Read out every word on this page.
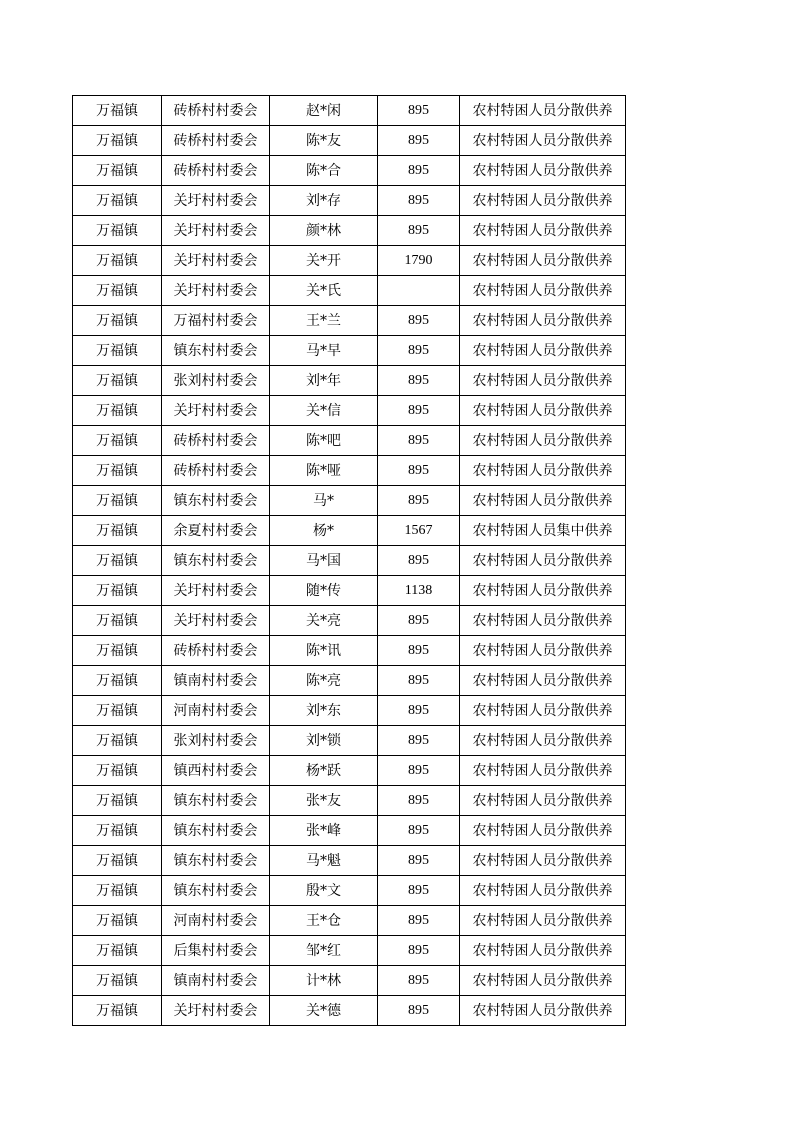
万福镇	砖桥村村委会	赵*闲	895	农村特困人员分散供养
万福镇	砖桥村村委会	陈*友	895	农村特困人员分散供养
万福镇	砖桥村村委会	陈*合	895	农村特困人员分散供养
万福镇	关圩村村委会	刘*存	895	农村特困人员分散供养
万福镇	关圩村村委会	颜*林	895	农村特困人员分散供养
万福镇	关圩村村委会	关*开	1790	农村特困人员分散供养
万福镇	关圩村村委会	关*氏		农村特困人员分散供养
万福镇	万福村村委会	王*兰	895	农村特困人员分散供养
万福镇	镇东村村委会	马*早	895	农村特困人员分散供养
万福镇	张刘村村委会	刘*年	895	农村特困人员分散供养
万福镇	关圩村村委会	关*信	895	农村特困人员分散供养
万福镇	砖桥村村委会	陈*吧	895	农村特困人员分散供养
万福镇	砖桥村村委会	陈*哑	895	农村特困人员分散供养
万福镇	镇东村村委会	马*	895	农村特困人员分散供养
万福镇	余夏村村委会	杨*	1567	农村特困人员集中供养
万福镇	镇东村村委会	马*国	895	农村特困人员分散供养
万福镇	关圩村村委会	随*传	1138	农村特困人员分散供养
万福镇	关圩村村委会	关*亮	895	农村特困人员分散供养
万福镇	砖桥村村委会	陈*讯	895	农村特困人员分散供养
万福镇	镇南村村委会	陈*亮	895	农村特困人员分散供养
万福镇	河南村村委会	刘*东	895	农村特困人员分散供养
万福镇	张刘村村委会	刘*锁	895	农村特困人员分散供养
万福镇	镇西村村委会	杨*跃	895	农村特困人员分散供养
万福镇	镇东村村委会	张*友	895	农村特困人员分散供养
万福镇	镇东村村委会	张*峰	895	农村特困人员分散供养
万福镇	镇东村村委会	马*魁	895	农村特困人员分散供养
万福镇	镇东村村委会	殷*文	895	农村特困人员分散供养
万福镇	河南村村委会	王*仓	895	农村特困人员分散供养
万福镇	后集村村委会	邹*红	895	农村特困人员分散供养
万福镇	镇南村村委会	计*林	895	农村特困人员分散供养
万福镇	关圩村村委会	关*德	895	农村特困人员分散供养
